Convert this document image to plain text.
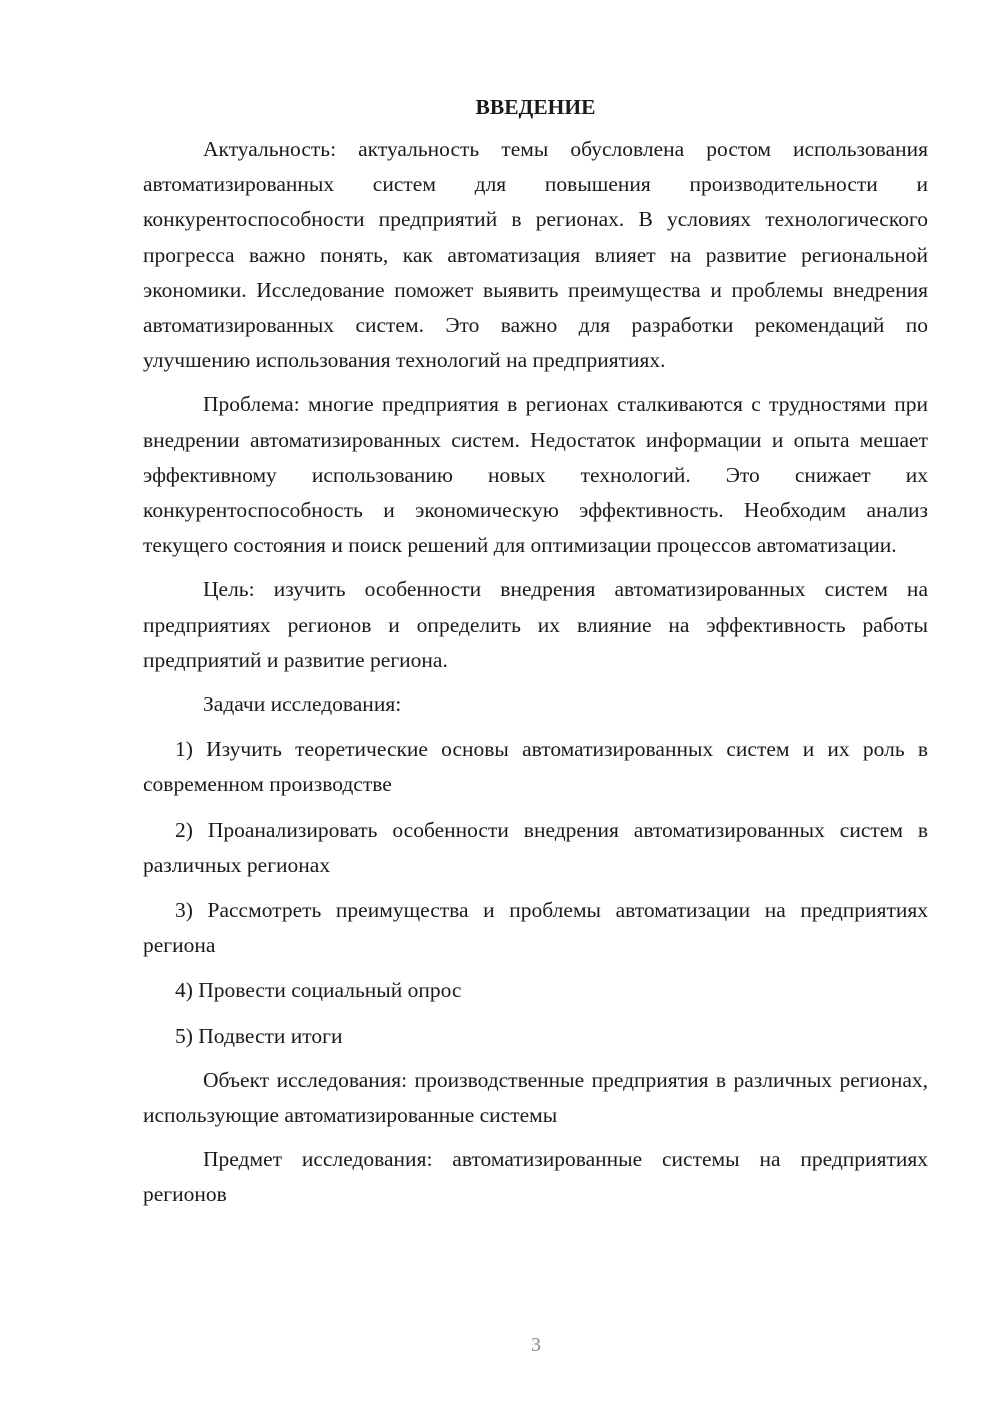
ВВЕДЕНИЕ

Актуальность: актуальность темы обусловлена ростом использования автоматизированных систем для повышения производительности и конкурентоспособности предприятий в регионах. В условиях технологического прогресса важно понять, как автоматизация влияет на развитие региональной экономики. Исследование поможет выявить преимущества и проблемы внедрения автоматизированных систем. Это важно для разработки рекомендаций по улучшению использования технологий на предприятиях.

Проблема: многие предприятия в регионах сталкиваются с трудностями при внедрении автоматизированных систем. Недостаток информации и опыта мешает эффективному использованию новых технологий. Это снижает их конкурентоспособность и экономическую эффективность. Необходим анализ текущего состояния и поиск решений для оптимизации процессов автоматизации.

Цель: изучить особенности внедрения автоматизированных систем на предприятиях регионов и определить их влияние на эффективность работы предприятий и развитие региона.

Задачи исследования:

1) Изучить теоретические основы автоматизированных систем и их роль в современном производстве

2) Проанализировать особенности внедрения автоматизированных систем в различных регионах

3) Рассмотреть преимущества и проблемы автоматизации на предприятиях региона

4) Провести социальный опрос

5) Подвести итоги

Объект исследования: производственные предприятия в различных регионах, использующие автоматизированные системы

Предмет исследования: автоматизированные системы на предприятиях регионов

3
